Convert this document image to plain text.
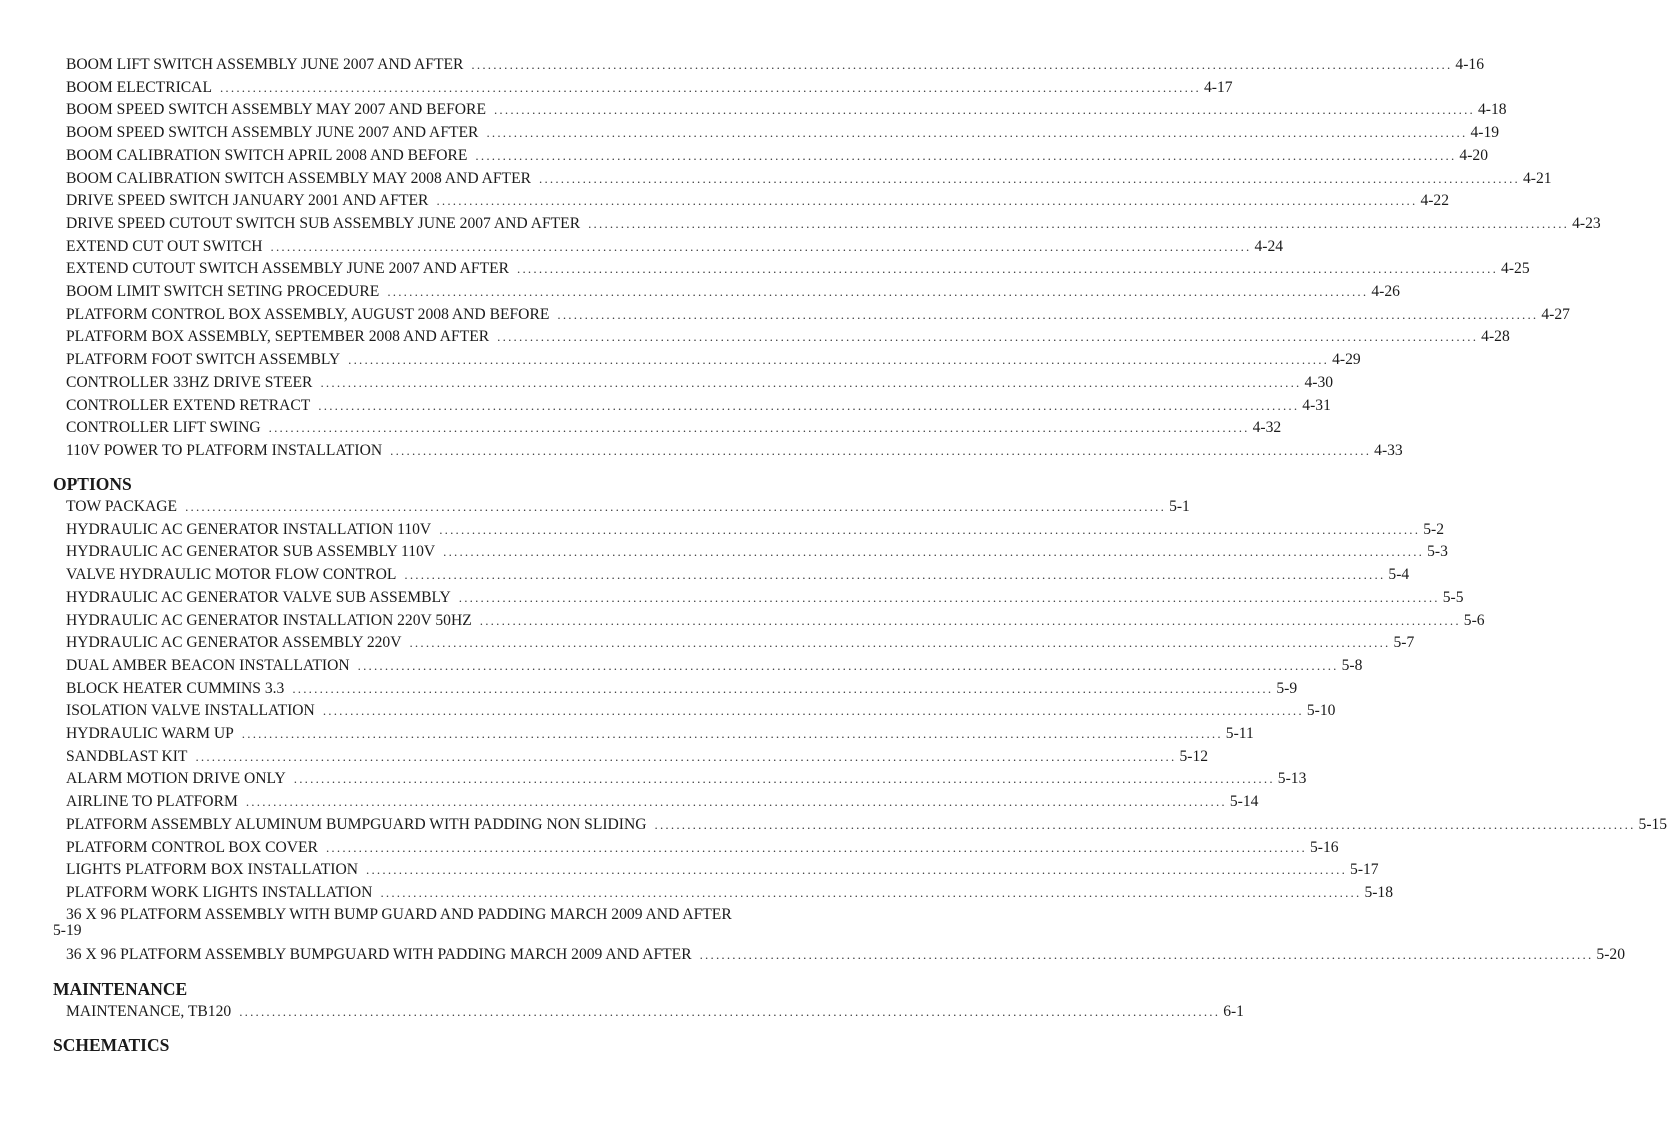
BOOM LIFT SWITCH ASSEMBLY JUNE 2007 AND AFTER .................................................................................................................................................................................... 4-16
BOOM ELECTRICAL .................................................................................................................................................................................... 4-17
BOOM SPEED SWITCH ASSEMBLY MAY 2007 AND BEFORE .................................................................................................................................................................................... 4-18
BOOM SPEED SWITCH ASSEMBLY JUNE 2007 AND AFTER .................................................................................................................................................................................... 4-19
BOOM CALIBRATION SWITCH APRIL 2008 AND BEFORE .................................................................................................................................................................................... 4-20
BOOM CALIBRATION SWITCH ASSEMBLY MAY 2008 AND AFTER .................................................................................................................................................................................... 4-21
DRIVE SPEED SWITCH JANUARY 2001 AND AFTER .................................................................................................................................................................................... 4-22
DRIVE SPEED CUTOUT SWITCH SUB ASSEMBLY JUNE 2007 AND AFTER .................................................................................................................................................................................... 4-23
EXTEND CUT OUT SWITCH .................................................................................................................................................................................... 4-24
EXTEND CUTOUT SWITCH ASSEMBLY JUNE 2007 AND AFTER .................................................................................................................................................................................... 4-25
BOOM LIMIT SWITCH SETING PROCEDURE .................................................................................................................................................................................... 4-26
PLATFORM CONTROL BOX ASSEMBLY, AUGUST 2008 AND BEFORE .................................................................................................................................................................................... 4-27
PLATFORM BOX ASSEMBLY, SEPTEMBER 2008 AND AFTER .................................................................................................................................................................................... 4-28
PLATFORM FOOT SWITCH ASSEMBLY .................................................................................................................................................................................... 4-29
CONTROLLER 33HZ DRIVE STEER .................................................................................................................................................................................... 4-30
CONTROLLER EXTEND RETRACT .................................................................................................................................................................................... 4-31
CONTROLLER LIFT SWING .................................................................................................................................................................................... 4-32
110V POWER TO PLATFORM INSTALLATION .................................................................................................................................................................................... 4-33
OPTIONS
TOW PACKAGE .................................................................................................................................................................................... 5-1
HYDRAULIC AC GENERATOR INSTALLATION 110V .................................................................................................................................................................................... 5-2
HYDRAULIC AC GENERATOR SUB ASSEMBLY 110V .................................................................................................................................................................................... 5-3
VALVE HYDRAULIC MOTOR FLOW CONTROL .................................................................................................................................................................................... 5-4
HYDRAULIC AC GENERATOR VALVE SUB ASSEMBLY .................................................................................................................................................................................... 5-5
HYDRAULIC AC GENERATOR INSTALLATION 220V 50HZ .................................................................................................................................................................................... 5-6
HYDRAULIC AC GENERATOR ASSEMBLY 220V .................................................................................................................................................................................... 5-7
DUAL AMBER BEACON INSTALLATION .................................................................................................................................................................................... 5-8
BLOCK HEATER CUMMINS 3.3 .................................................................................................................................................................................... 5-9
ISOLATION VALVE INSTALLATION .................................................................................................................................................................................... 5-10
HYDRAULIC WARM UP .................................................................................................................................................................................... 5-11
SANDBLAST KIT .................................................................................................................................................................................... 5-12
ALARM MOTION DRIVE ONLY .................................................................................................................................................................................... 5-13
AIRLINE TO PLATFORM .................................................................................................................................................................................... 5-14
PLATFORM ASSEMBLY ALUMINUM BUMPGUARD WITH PADDING NON SLIDING .................................................................................................................................................................................... 5-15
PLATFORM CONTROL BOX COVER .................................................................................................................................................................................... 5-16
LIGHTS PLATFORM BOX INSTALLATION .................................................................................................................................................................................... 5-17
PLATFORM WORK LIGHTS INSTALLATION .................................................................................................................................................................................... 5-18
36 X 96 PLATFORM ASSEMBLY WITH BUMP GUARD AND PADDING MARCH 2009 AND AFTER
5-19
36 X 96 PLATFORM ASSEMBLY BUMPGUARD WITH PADDING MARCH 2009 AND AFTER .................................................................................................................................................................... 5-20
MAINTENANCE
MAINTENANCE, TB120 .................................................................................................................................................................................... 6-1
SCHEMATICS
